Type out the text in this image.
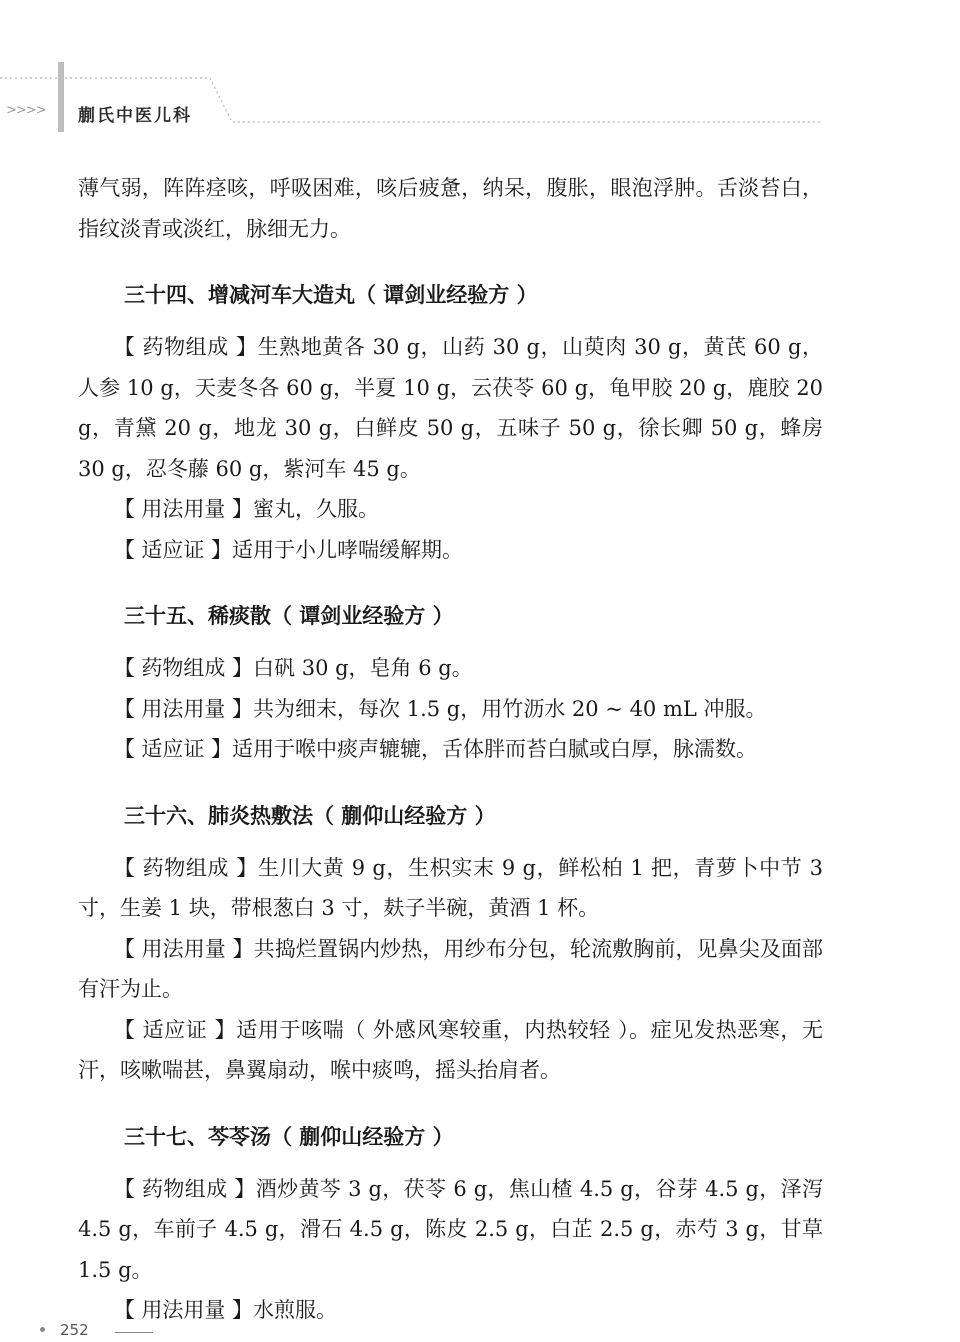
>>>> 蒯氏中医儿科

薄气弱，阵阵痉咳，呼吸困难，咳后疲惫，纳呆，腹胀，眼泡浮肿。舌淡苔白，指纹淡青或淡红，脉细无力。

三十四、增减河车大造丸（ 谭剑业经验方 ）

【 药物组成 】生熟地黄各 30 g，山药 30 g，山萸肉 30 g，黄芪 60 g，人参 10 g，天麦冬各 60 g，半夏 10 g，云茯苓 60 g，龟甲胶 20 g，鹿胶 20 g，青黛 20 g，地龙 30 g，白鲜皮 50 g，五味子 50 g，徐长卿 50 g，蜂房 30 g，忍冬藤 60 g，紫河车 45 g。

【 用法用量 】蜜丸，久服。

【 适应证 】适用于小儿哮喘缓解期。

三十五、稀痰散（ 谭剑业经验方 ）

【 药物组成 】白矾 30 g，皂角 6 g。

【 用法用量 】共为细末，每次 1.5 g，用竹沥水 20 ~ 40 mL 冲服。

【 适应证 】适用于喉中痰声辘辘，舌体胖而苔白腻或白厚，脉濡数。

三十六、肺炎热敷法（ 蒯仰山经验方 ）

【 药物组成 】生川大黄 9 g，生枳实末 9 g，鲜松柏 1 把，青萝卜中节 3 寸，生姜 1 块，带根葱白 3 寸，麸子半碗，黄酒 1 杯。

【 用法用量 】共捣烂置锅内炒热，用纱布分包，轮流敷胸前，见鼻尖及面部有汗为止。

【 适应证 】适用于咳喘（ 外感风寒较重，内热较轻 ）。症见发热恶寒，无汗，咳嗽喘甚，鼻翼扇动，喉中痰鸣，摇头抬肩者。

三十七、芩苓汤（ 蒯仰山经验方 ）

【 药物组成 】酒炒黄芩 3 g，茯苓 6 g，焦山楂 4.5 g，谷芽 4.5 g，泽泻 4.5 g，车前子 4.5 g，滑石 4.5 g，陈皮 2.5 g，白芷 2.5 g，赤芍 3 g，甘草 1.5 g。

【 用法用量 】水煎服。

252
